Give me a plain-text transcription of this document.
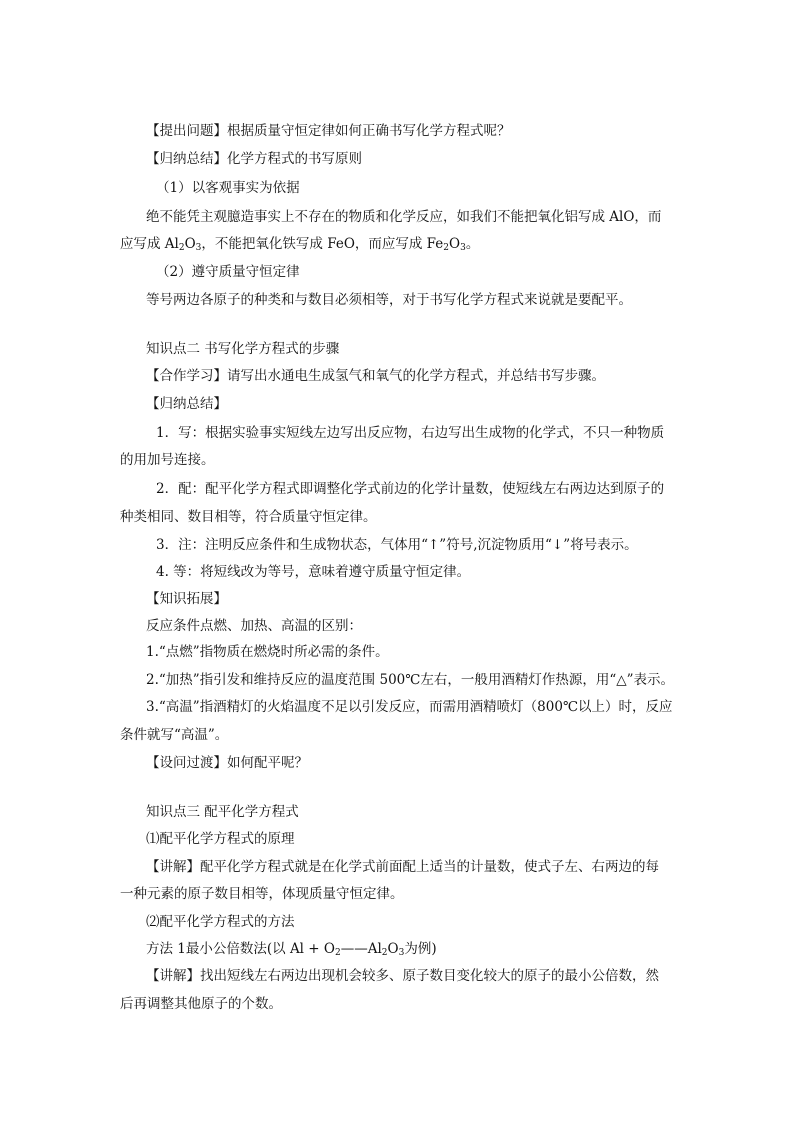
【提出问题】根据质量守恒定律如何正确书写化学方程式呢？
【归纳总结】化学方程式的书写原则
（1）以客观事实为依据
绝不能凭主观臆造事实上不存在的物质和化学反应，如我们不能把氧化铝写成 AlO，而
应写成 $Al_2O_3$，不能把氧化铁写成 FeO，而应写成 $Fe_2O_3$。
（2）遵守质量守恒定律
等号两边各原子的种类和与数目必须相等，对于书写化学方程式来说就是要配平。
知识点二 书写化学方程式的步骤
【合作学习】请写出水通电生成氢气和氧气的化学方程式，并总结书写步骤。
【归纳总结】
1．写：根据实验事实短线左边写出反应物，右边写出生成物的化学式，不只一种物质
的用加号连接。
2．配：配平化学方程式即调整化学式前边的化学计量数，使短线左右两边达到原子的
种类相同、数目相等，符合质量守恒定律。
3．注：注明反应条件和生成物状态，气体用“↑”符号,沉淀物质用“↓”将号表示。
4. 等：将短线改为等号，意味着遵守质量守恒定律。
【知识拓展】
反应条件点燃、加热、高温的区别：
1.“点燃”指物质在燃烧时所必需的条件。
2.“加热”指引发和维持反应的温度范围 500℃左右，一般用酒精灯作热源，用“△”表示。
3.“高温”指酒精灯的火焰温度不足以引发反应，而需用酒精喷灯（800℃以上）时，反应
条件就写“高温”。
【设问过渡】如何配平呢？
知识点三 配平化学方程式
⑴配平化学方程式的原理
【讲解】配平化学方程式就是在化学式前面配上适当的计量数，使式子左、右两边的每
一种元素的原子数目相等，体现质量守恒定律。
⑵配平化学方程式的方法
方法 1最小公倍数法(以 $Al + O_2——Al_2O_3$为例)
【讲解】找出短线左右两边出现机会较多、原子数目变化较大的原子的最小公倍数，然
后再调整其他原子的个数。
